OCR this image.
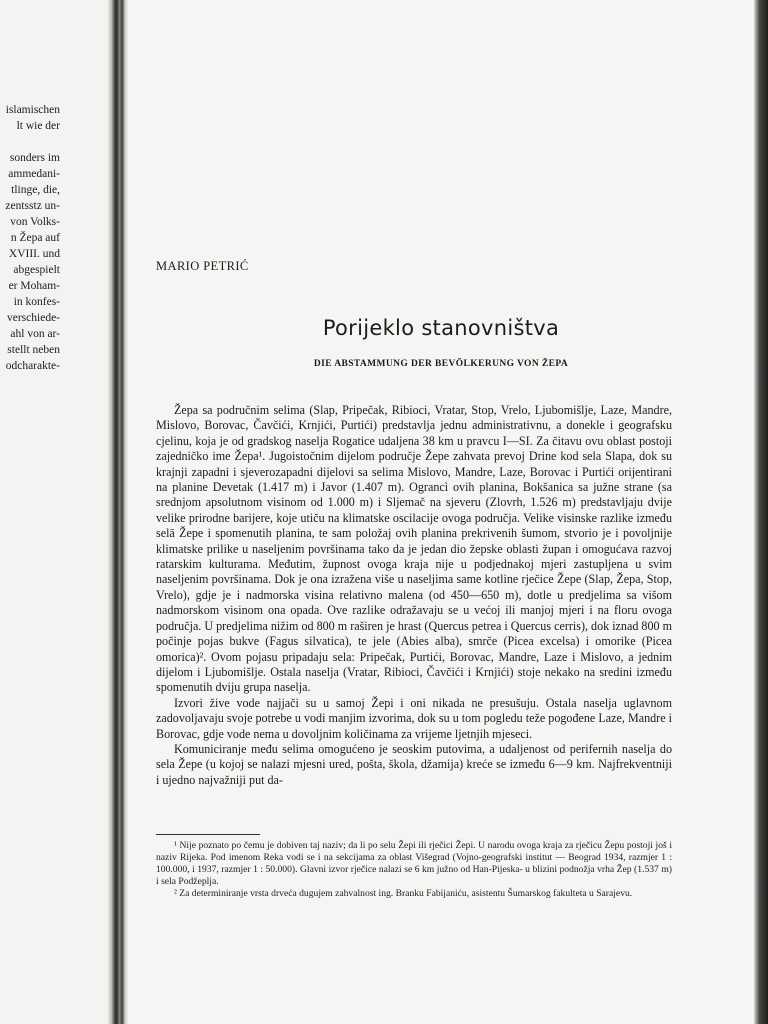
islamischen
lt wie der
sonders im
ammedani-
tlinge, die,
zentsstz un-
von Volks-
n Žepa auf
XVIII. und
abgespielt
er Moham-
in konfes-
verschiede-
ahl von ar-
stellt neben
odcharakte-
MARIO PETRIĆ
Porijeklo stanovništva
DIE ABSTAMMUNG DER BEVÖLKERUNG VON ŽEPA

Žepa sa područnim selima (Slap, Pripečak, Ribioci, Vratar, Stop, Vrelo, Ljubomišlje, Laze, Mandre, Mislovo, Borovac, Čavčići, Krnjići, Purtići) predstavlja jednu administrativnu, a donekle i geografsku cjelinu, koja je od gradskog naselja Rogatice udaljena 38 km u pravcu I—SI. Za čitavu ovu oblast postoji zajedničko ime Žepa¹. Jugoistočnim dijelom područje Žepe zahvata prevoj Drine kod sela Slapa, dok su krajnji zapadni i sjeverozapadni dijelovi sa selima Mislovo, Mandre, Laze, Borovac i Purtići orijentirani na planine Devetak (1.417 m) i Javor (1.407 m). Ograncì ovih planina, Bokšanica sa južne strane (sa srednjom apsolutnom visinom od 1.000 m) i Sljemač na sjeveru (Zlovrh, 1.526 m) predstavljaju dvije velike prirodne barijere, koje utiču na klimatske oscilacije ovoga područja. Velike visinske razlike između selā Žepe i spomenutih planina, te sam položaj ovih planina prekrivenih šumom, stvorio je i povoljnije klimatske prilike u naseljenim površinama tako da je jedan dio žepske oblasti župan i omogućava razvoj ratarskim kulturama. Međutim, župnost ovoga kraja nije u podjednakoj mjeri zastupljena u svim naseljenim površinama. Dok je ona izražena više u naseljima same kotline rječice Žepe (Slap, Žepa, Stop, Vrelo), gdje je i nadmorska visina relativno malena (od 450—650 m), dotle u predjelima sa višom nadmorskom visinom ona opada. Ove razlike odražavaju se u većoj ili manjoj mjeri i na floru ovoga područja. U predjelima nižim od 800 m raširen je hrast (Quercus petrea i Quercus cerris), dok iznad 800 m počinje pojas bukve (Fagus silvatica), te jele (Abies alba), smrče (Picea excelsa) i omorike (Picea omorica)². Ovom pojasu pripadaju sela: Pripečak, Purtići, Borovac, Mandre, Laze i Mislovo, a jednim dijelom i Ljubomišlje. Ostala naselja (Vratar, Ribioci, Čavčići i Krnjići) stoje nekako na sredini između spomenutih dviju grupa naselja.

Izvori žive vode najjači su u samoj Žepi i oni nikada ne presušuju. Ostala naselja uglavnom zadovoljavaju svoje potrebe u vodi manjim izvorima, dok su u tom pogledu teže pogođene Laze, Mandre i Borovac, gdje vode nema u dovoljnim količinama za vrijeme ljetnjih mjeseci.

Komuniciranje među selima omogućeno je seoskim putovima, a udaljenost od perifernih naselja do sela Žepe (u kojoj se nalazi mjesni ured, pošta, škola, džamija) kreće se između 6—9 km. Najfrekventniji i ujedno najvažniji put da-

¹ Nije poznato po čemu je dobiven taj naziv; da li po selu Žepi ili rječici Žepi. U narodu ovoga kraja za rječicu Žepu postoji još i naziv Rijeka. Pod imenom Reka vodi se i na sekcijama za oblast Višegrad (Vojno-geografski institut — Beograd 1934, razmjer 1 : 100.000, i 1937, razmjer 1 : 50.000). Glavni izvor rječice nalazi se 6 km južno od Han-Pijeska- u blizini podnožja vrha Žep (1.537 m) i sela Podžeplja.

² Za determiniranje vrsta drveća dugujem zahvalnost ing. Branku Fabijaniću, asistentu Šumarskog fakulteta u Sarajevu.
